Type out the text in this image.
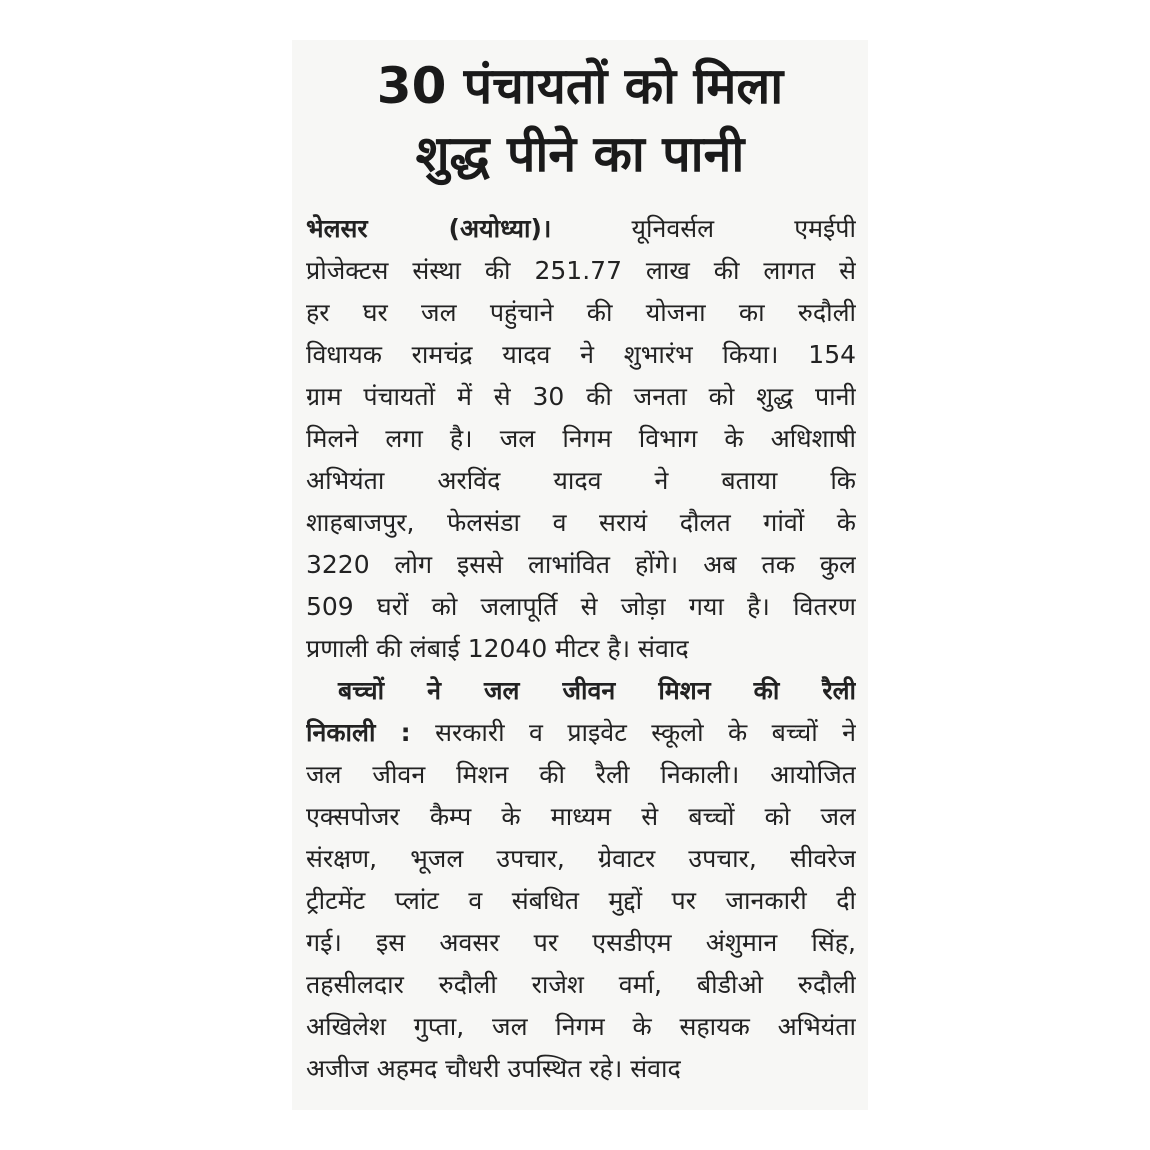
30 पंचायतों को मिला
शुद्ध पीने का पानी
भेलसर (अयोध्या)।	यूनिवर्सल एमईपी
प्रोजेक्टस संस्था की 251.77 लाख की लागत से
हर घर जल पहुंचाने की योजना का रुदौली
विधायक रामचंद्र यादव ने शुभारंभ किया। 154
ग्राम पंचायतों में से 30 की जनता को शुद्ध पानी
मिलने लगा है। जल निगम विभाग के अधिशाषी
अभियंता अरविंद यादव ने बताया कि
शाहबाजपुर, फेलसंडा व सरायं दौलत गांवों के
3220 लोग इससे लाभांवित होंगे। अब तक कुल
509 घरों को जलापूर्ति से जोड़ा गया है। वितरण
प्रणाली की लंबाई 12040 मीटर है। संवाद
बच्चों ने जल जीवन मिशन की रैली
निकाली : सरकारी व प्राइवेट स्कूलो के बच्चों ने
जल जीवन मिशन की रैली निकाली। आयोजित
एक्सपोजर कैम्प के माध्यम से बच्चों को जल
संरक्षण, भूजल उपचार, ग्रेवाटर उपचार, सीवरेज
ट्रीटमेंट प्लांट व संबधित मुद्दों पर जानकारी दी
गई। इस अवसर पर एसडीएम अंशुमान सिंह,
तहसीलदार रुदौली राजेश वर्मा, बीडीओ रुदौली
अखिलेश गुप्ता, जल निगम के सहायक अभियंता
अजीज अहमद चौधरी उपस्थित रहे। संवाद
